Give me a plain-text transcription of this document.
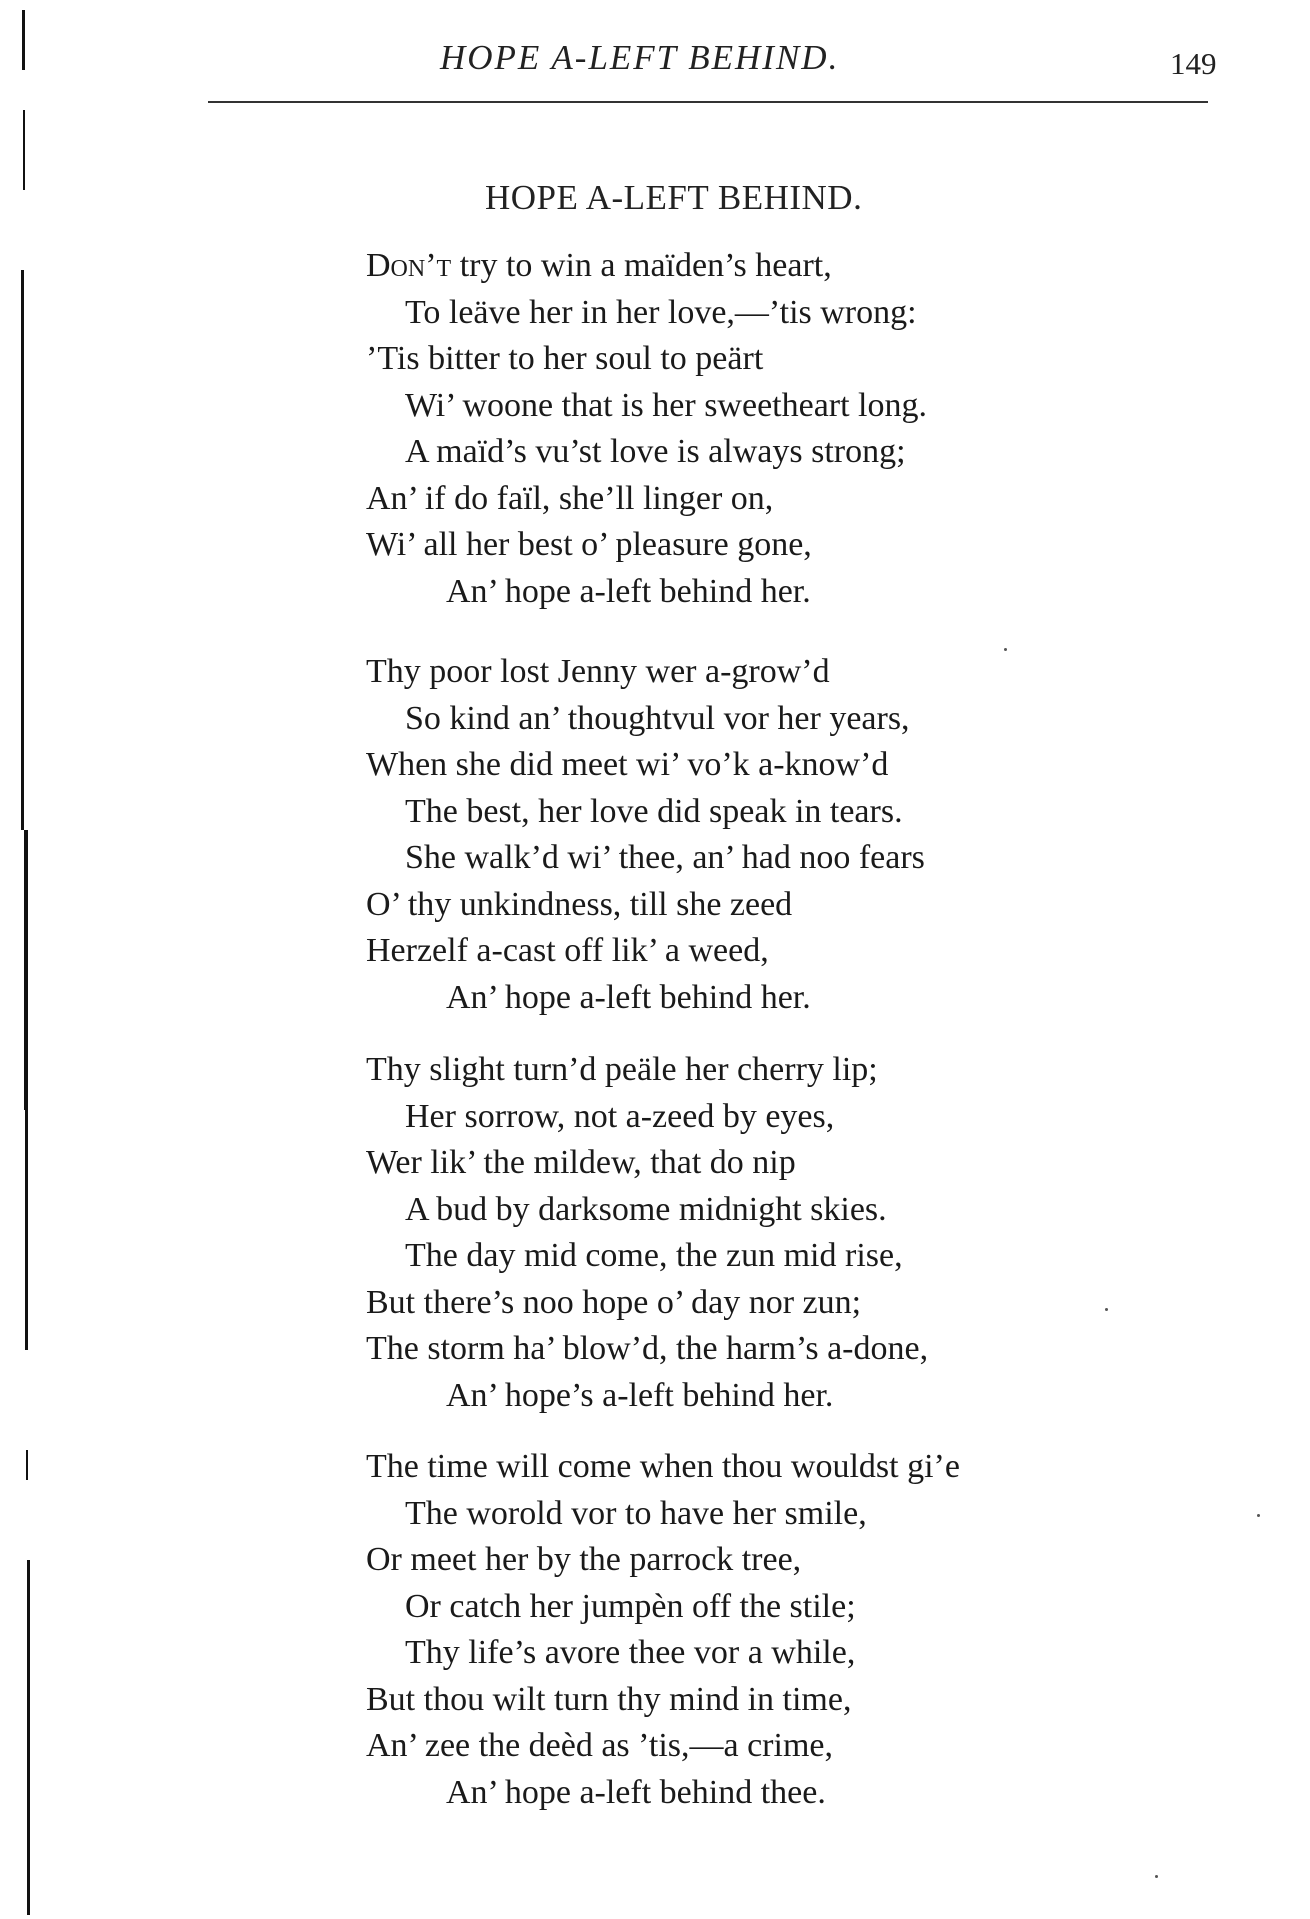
HOPE A-LEFT BEHIND.	149
HOPE A-LEFT BEHIND.
Don’t try to win a maïden’s heart,
To leäve her in her love,—’tis wrong:
’Tis bitter to her soul to peärt
Wi’ woone that is her sweetheart long.
A maïd’s vu’st love is always strong;
An’ if do faïl, she’ll linger on,
Wi’ all her best o’ pleasure gone,
An’ hope a-left behind her.
Thy poor lost Jenny wer a-grow’d
So kind an’ thoughtvul vor her years,
When she did meet wi’ vo’k a-know’d
The best, her love did speak in tears.
She walk’d wi’ thee, an’ had noo fears
O’ thy unkindness, till she zeed
Herzelf a-cast off lik’ a weed,
An’ hope a-left behind her.
Thy slight turn’d peäle her cherry lip;
Her sorrow, not a-zeed by eyes,
Wer lik’ the mildew, that do nip
A bud by darksome midnight skies.
The day mid come, the zun mid rise,
But there’s noo hope o’ day nor zun;
The storm ha’ blow’d, the harm’s a-done,
An’ hope’s a-left behind her.
The time will come when thou wouldst gi’e
The worold vor to have her smile,
Or meet her by the parrock tree,
Or catch her jumpèn off the stile;
Thy life’s avore thee vor a while,
But thou wilt turn thy mind in time,
An’ zee the deèd as ’tis,—a crime,
An’ hope a-left behind thee.
